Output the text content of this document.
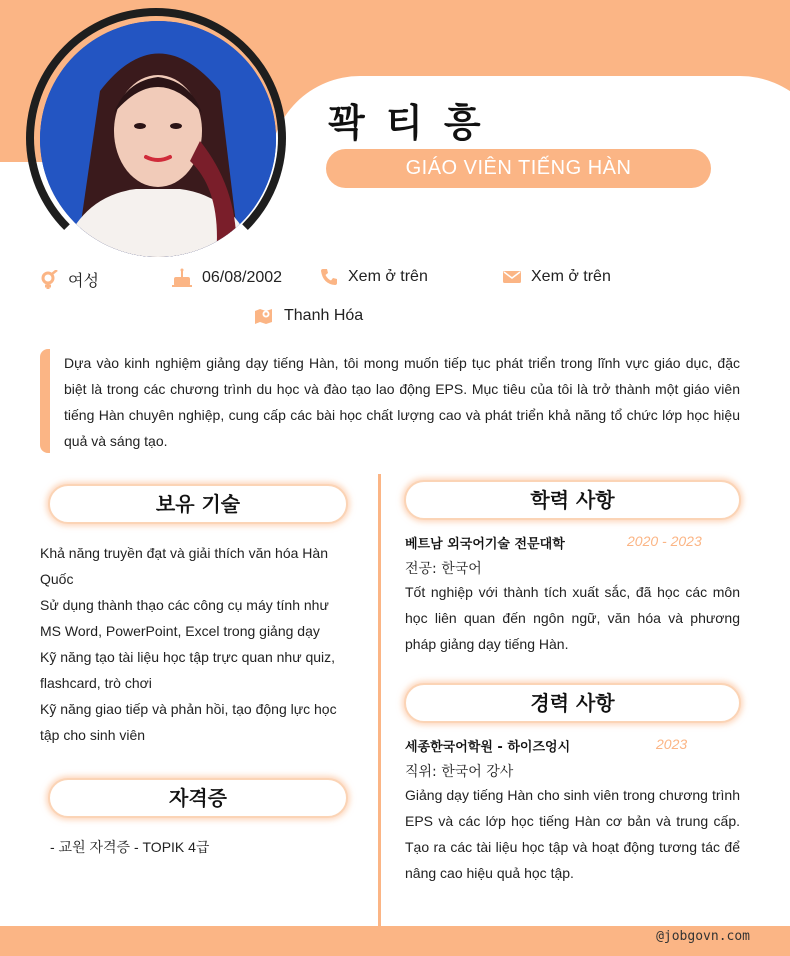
꽉 티 흥
GIÁO VIÊN TIẾNG HÀN
여성	06/08/2002	Xem ở trên	Xem ở trên
Thanh Hóa
Dựa vào kinh nghiệm giảng dạy tiếng Hàn, tôi mong muốn tiếp tục phát triển trong lĩnh vực giáo dục, đặc biệt là trong các chương trình du học và đào tạo lao động EPS. Mục tiêu của tôi là trở thành một giáo viên tiếng Hàn chuyên nghiệp, cung cấp các bài học chất lượng cao và phát triển khả năng tổ chức lớp học hiệu quả và sáng tạo.
보유 기술
Khả năng truyền đạt và giải thích văn hóa Hàn Quốc
Sử dụng thành thạo các công cụ máy tính như MS Word, PowerPoint, Excel trong giảng dạy
Kỹ năng tạo tài liệu học tập trực quan như quiz, flashcard, trò chơi
Kỹ năng giao tiếp và phản hồi, tạo động lực học tập cho sinh viên
자격증
- 교원 자격증 - TOPIK 4급
학력 사항
베트남 외국어기술 전문대학	2020 - 2023
전공: 한국어
Tốt nghiệp với thành tích xuất sắc, đã học các môn học liên quan đến ngôn ngữ, văn hóa và phương pháp giảng dạy tiếng Hàn.
경력 사항
세종한국어학원 - 하이즈엉시	2023
직위: 한국어 강사
Giảng dạy tiếng Hàn cho sinh viên trong chương trình EPS và các lớp học tiếng Hàn cơ bản và trung cấp. Tạo ra các tài liệu học tập và hoạt động tương tác để nâng cao hiệu quả học tập.
@jobgovn.com
